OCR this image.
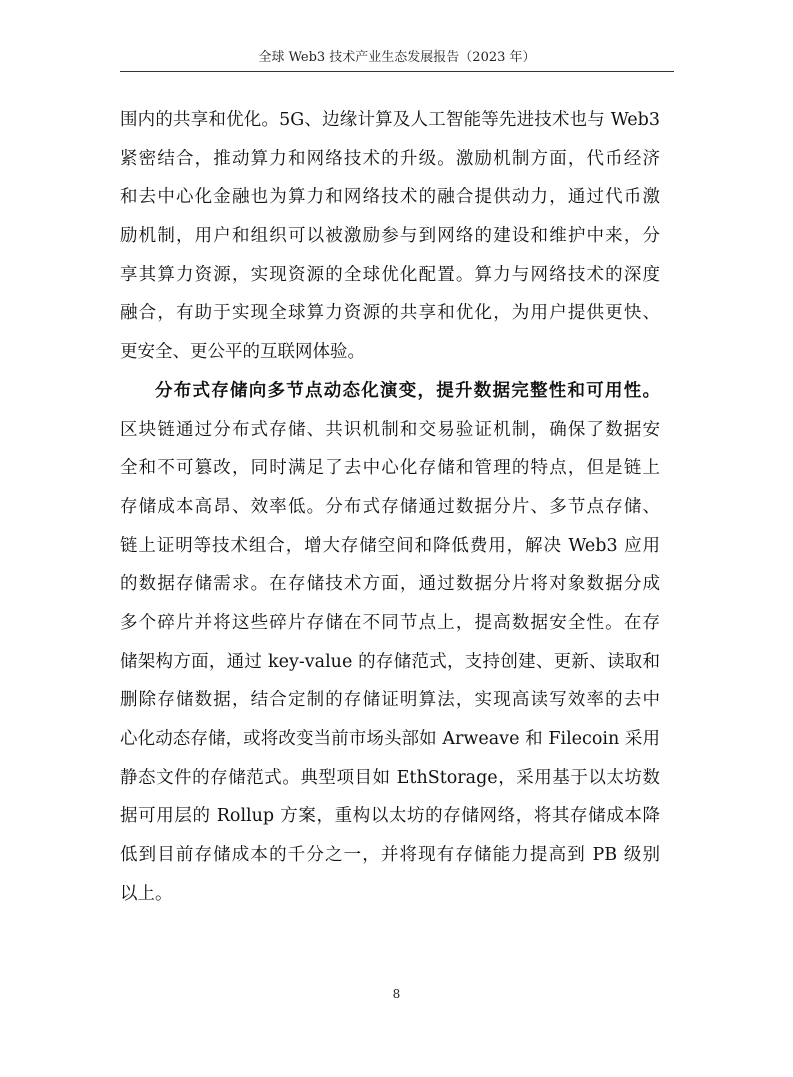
全球 Web3 技术产业生态发展报告（2023 年）
围内的共享和优化。5G、边缘计算及人工智能等先进技术也与 Web3
紧密结合，推动算力和网络技术的升级。激励机制方面，代币经济
和去中心化金融也为算力和网络技术的融合提供动力，通过代币激
励机制，用户和组织可以被激励参与到网络的建设和维护中来，分
享其算力资源，实现资源的全球优化配置。算力与网络技术的深度
融合，有助于实现全球算力资源的共享和优化，为用户提供更快、
更安全、更公平的互联网体验。
分布式存储向多节点动态化演变，提升数据完整性和可用性。
区块链通过分布式存储、共识机制和交易验证机制，确保了数据安
全和不可篡改，同时满足了去中心化存储和管理的特点，但是链上
存储成本高昂、效率低。分布式存储通过数据分片、多节点存储、
链上证明等技术组合，增大存储空间和降低费用，解决 Web3 应用
的数据存储需求。在存储技术方面，通过数据分片将对象数据分成
多个碎片并将这些碎片存储在不同节点上，提高数据安全性。在存
储架构方面，通过 key-value 的存储范式，支持创建、更新、读取和
删除存储数据，结合定制的存储证明算法，实现高读写效率的去中
心化动态存储，或将改变当前市场头部如 Arweave 和 Filecoin 采用
静态文件的存储范式。典型项目如 EthStorage，采用基于以太坊数
据可用层的 Rollup 方案，重构以太坊的存储网络，将其存储成本降
低到目前存储成本的千分之一，并将现有存储能力提高到 PB 级别
以上。
8
